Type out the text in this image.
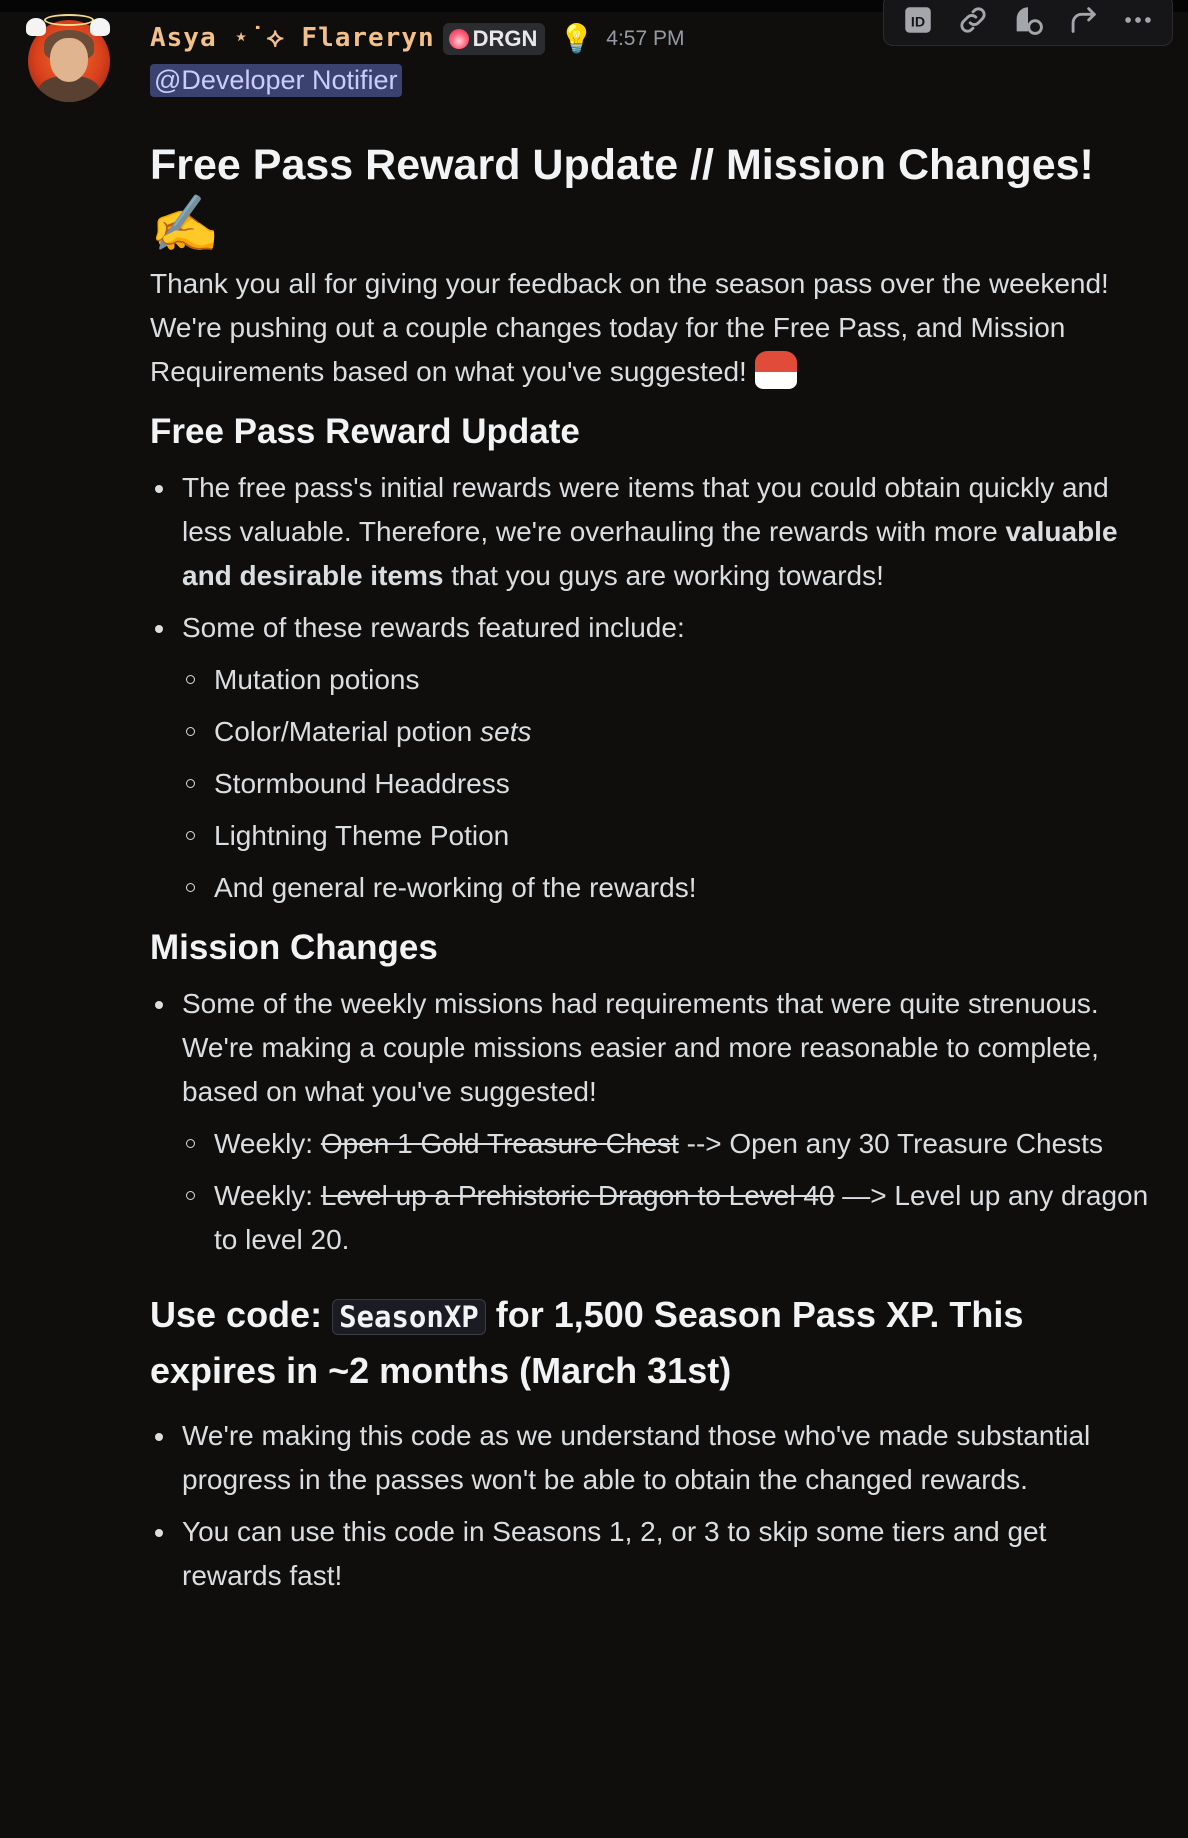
ID
Asya ⋆˙⟡ Flareryn DRGN 💡 4:57 PM
@Developer Notifier
Free Pass Reward Update // Mission Changes!
✍️

Thank you all for giving your feedback on the season pass over the weekend! We're pushing out a couple changes today for the Free Pass, and Mission Requirements based on what you've suggested!

Free Pass Reward Update
The free pass's initial rewards were items that you could obtain quickly and less valuable. Therefore, we're overhauling the rewards with more valuable and desirable items that you guys are working towards!
Some of these rewards featured include:
Mutation potions
Color/Material potion sets
Stormbound Headdress
Lightning Theme Potion
And general re-working of the rewards!
Mission Changes
Some of the weekly missions had requirements that were quite strenuous. We're making a couple missions easier and more reasonable to complete, based on what you've suggested!
Weekly: Open 1 Gold Treasure Chest --> Open any 30 Treasure Chests
Weekly: Level up a Prehistoric Dragon to Level 40 —> Level up any dragon to level 20.
Use code: SeasonXP for 1,500 Season Pass XP. This expires in ~2 months (March 31st)
We're making this code as we understand those who've made substantial progress in the passes won't be able to obtain the changed rewards.
You can use this code in Seasons 1, 2, or 3 to skip some tiers and get rewards fast!
